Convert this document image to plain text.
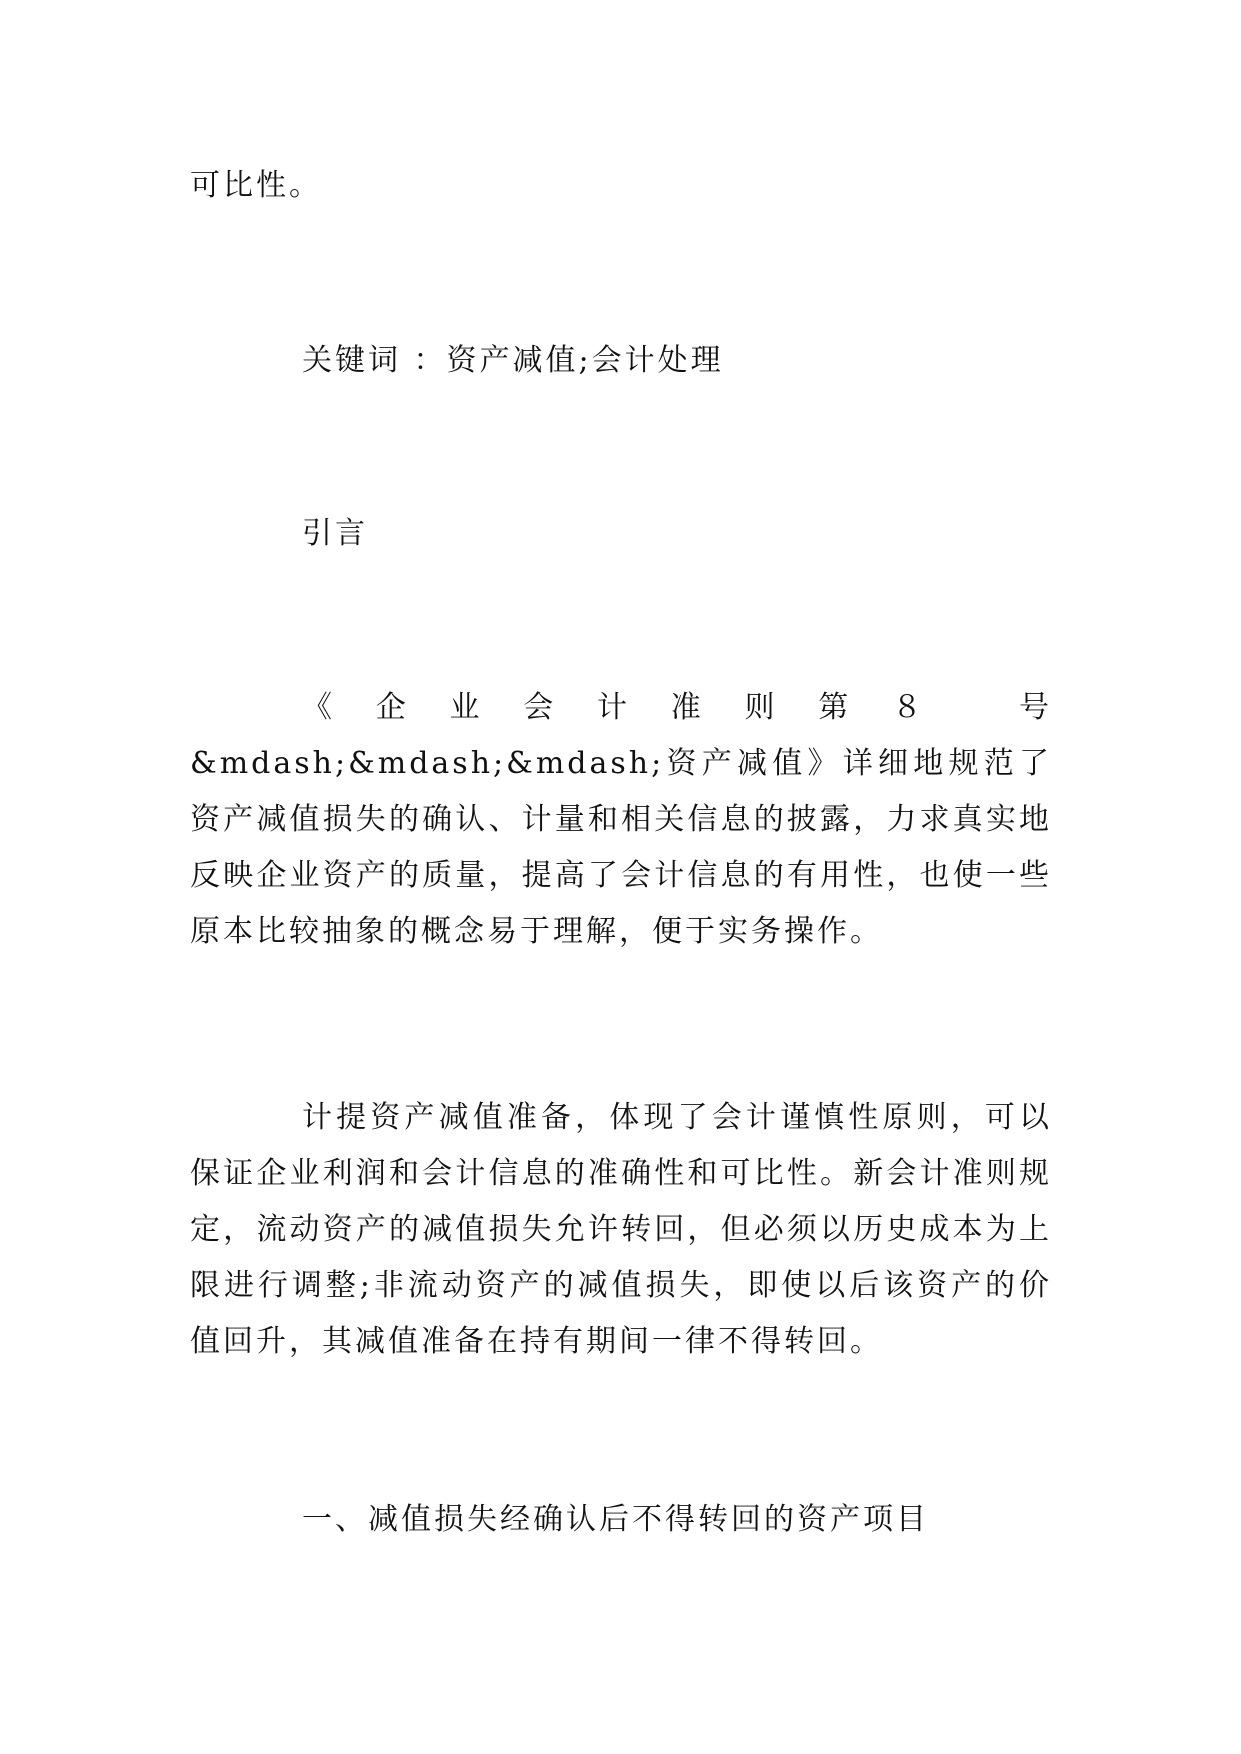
可比性。
关键词 ：资产减值;会计处理
引言

《企业会计准则第８ 号&mdash;&mdash;&mdash;资产减值》详细地规范了资产减值损失的确认、计量和相关信息的披露，力求真实地反映企业资产的质量，提高了会计信息的有用性，也使一些原本比较抽象的概念易于理解，便于实务操作。

计提资产减值准备，体现了会计谨慎性原则，可以保证企业利润和会计信息的准确性和可比性。新会计准则规定，流动资产的减值损失允许转回，但必须以历史成本为上限进行调整;非流动资产的减值损失，即使以后该资产的价值回升，其减值准备在持有期间一律不得转回。

一、减值损失经确认后不得转回的资产项目
